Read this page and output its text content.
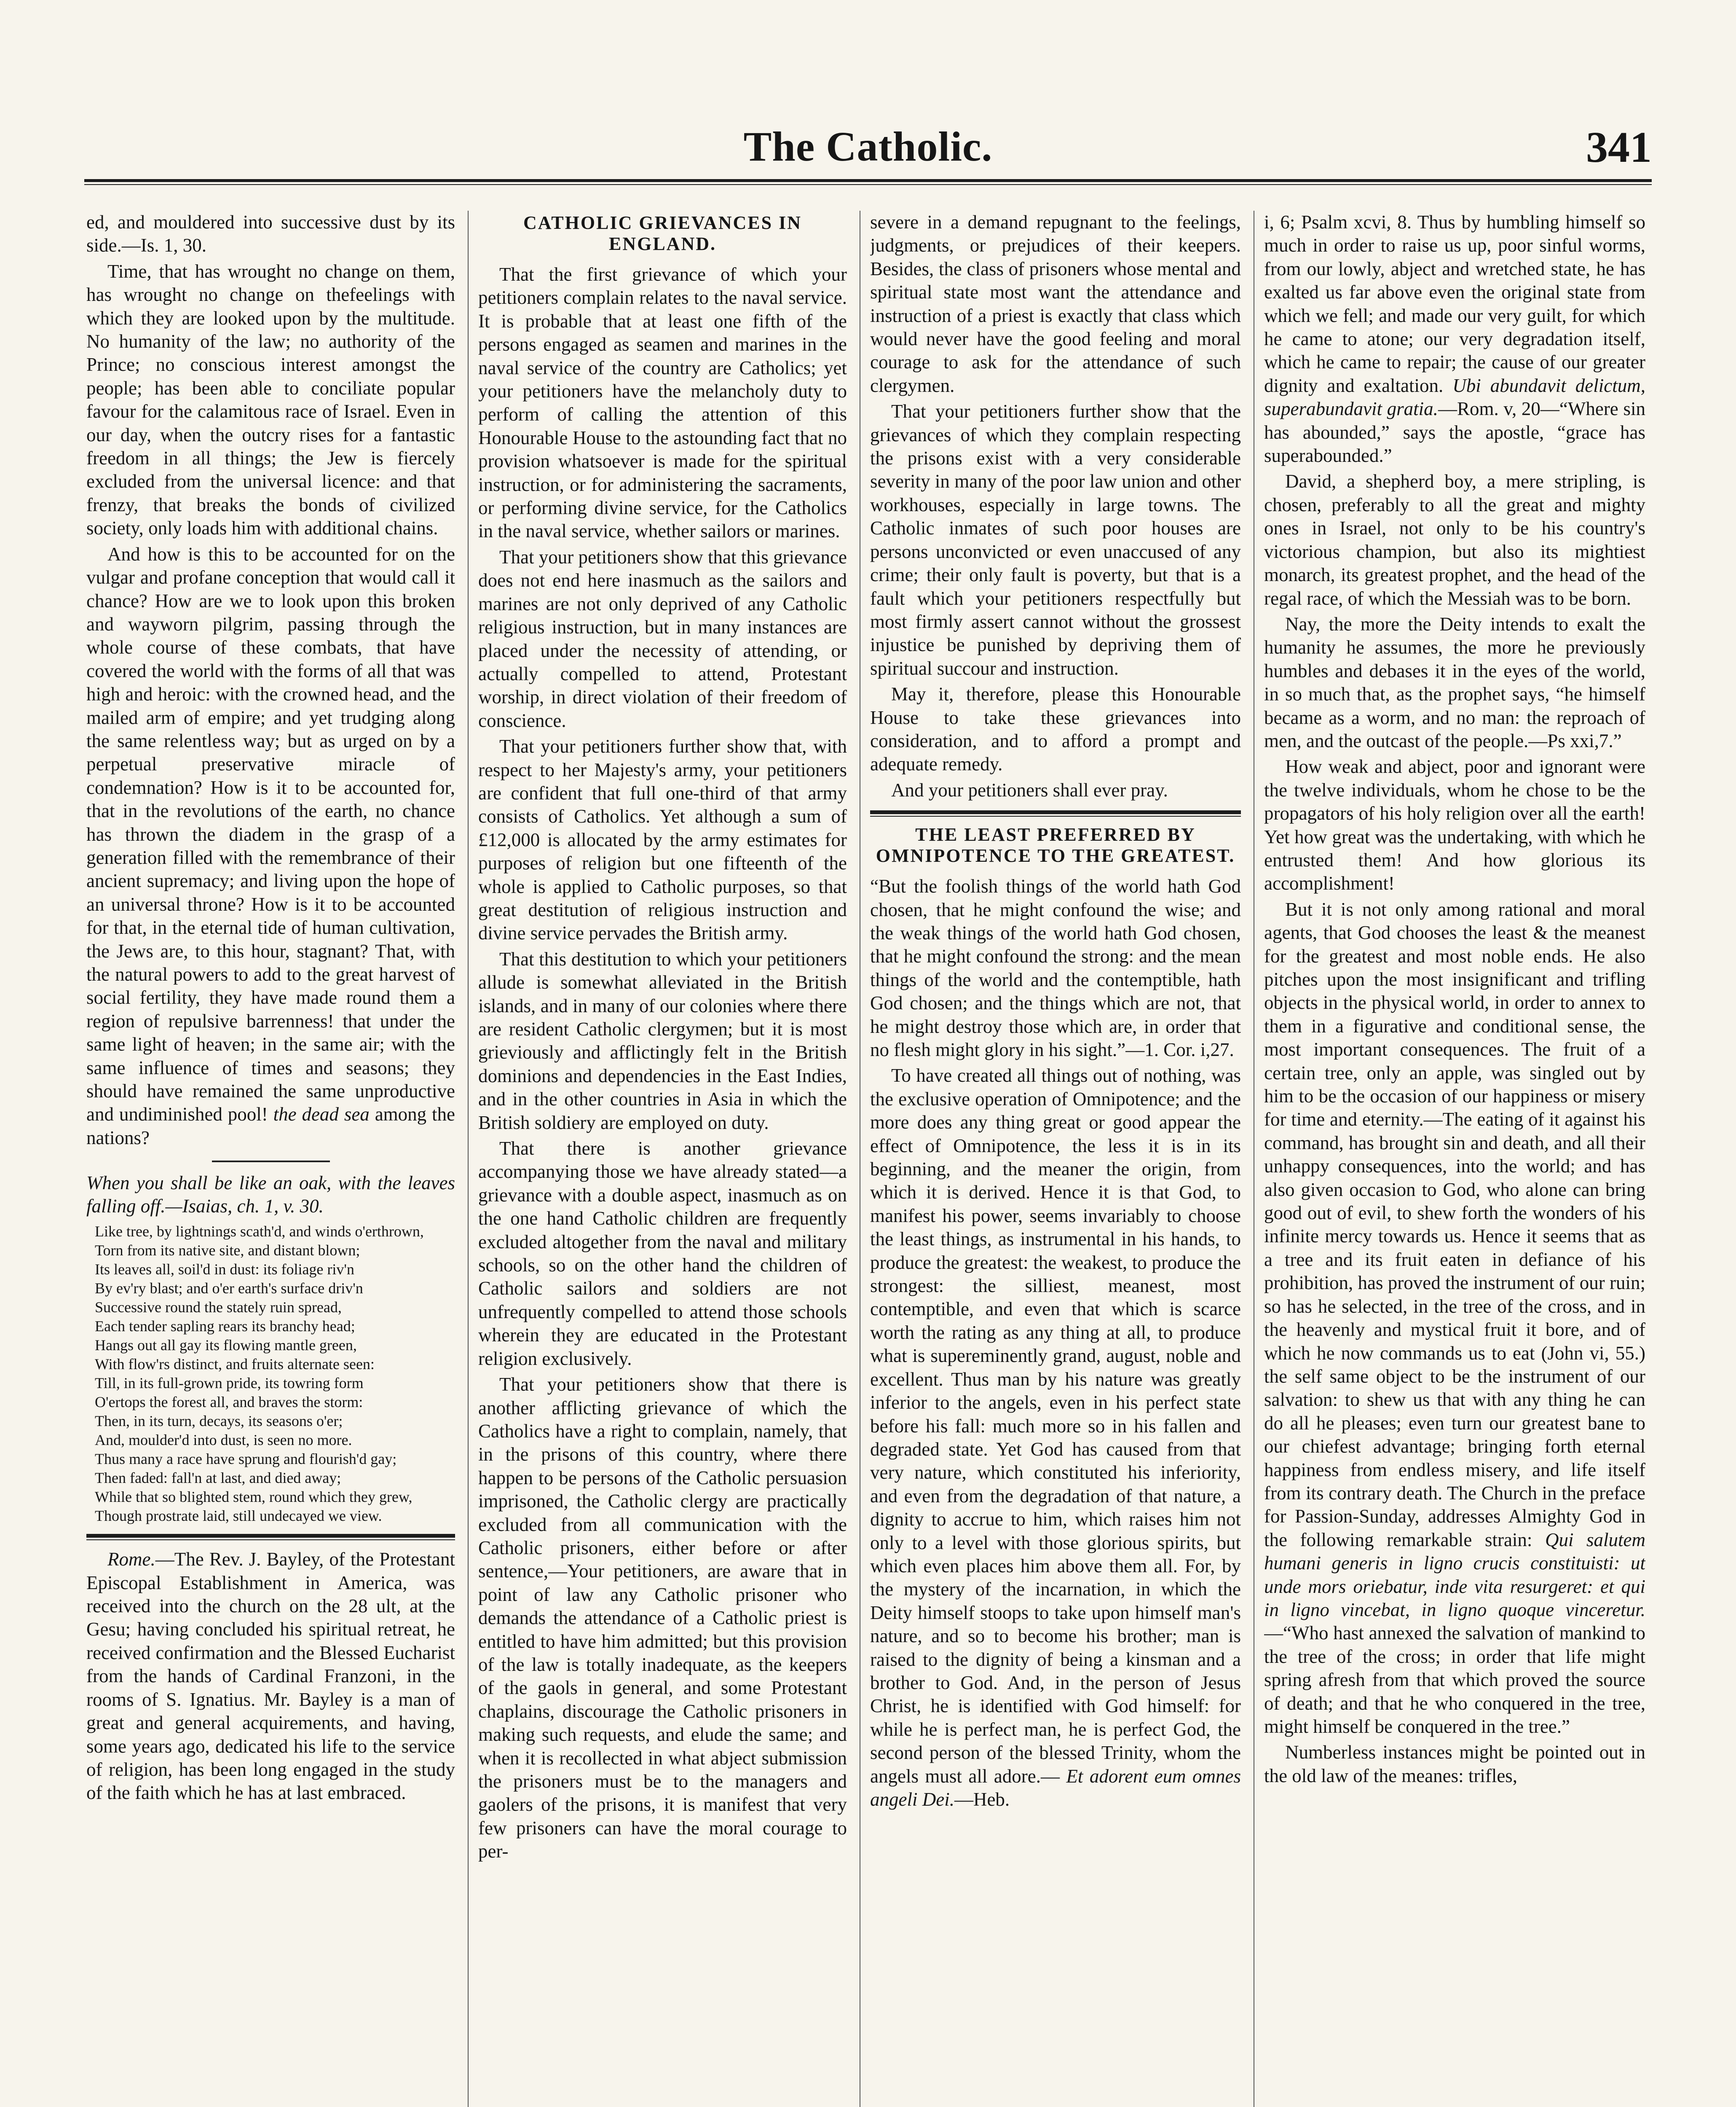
The Catholic.	341

ed, and mouldered into successive dust by its side.—Is. 1, 30.

Time, that has wrought no change on them, has wrought no change on thefeelings with which they are looked upon by the multitude. No humanity of the law; no authority of the Prince; no conscious interest amongst the people; has been able to conciliate popular favour for the calamitous race of Israel. Even in our day, when the outcry rises for a fantastic freedom in all things; the Jew is fiercely excluded from the universal licence: and that frenzy, that breaks the bonds of civilized society, only loads him with additional chains.

And how is this to be accounted for on the vulgar and profane conception that would call it chance? How are we to look upon this broken and wayworn pilgrim, passing through the whole course of these combats, that have covered the world with the forms of all that was high and heroic: with the crowned head, and the mailed arm of empire; and yet trudging along the same relentless way; but as urged on by a perpetual preservative miracle of condemnation? How is it to be accounted for, that in the revolutions of the earth, no chance has thrown the diadem in the grasp of a generation filled with the remembrance of their ancient supremacy; and living upon the hope of an universal throne? How is it to be accounted for that, in the eternal tide of human cultivation, the Jews are, to this hour, stagnant? That, with the natural powers to add to the great harvest of social fertility, they have made round them a region of repulsive barrenness! that under the same light of heaven; in the same air; with the same influence of times and seasons; they should have remained the same unproductive and undiminished pool! the dead sea among the nations?

When you shall be like an oak, with the leaves falling off.—Isaias, ch. 1, v. 30.

Like tree, by lightnings scath'd, and winds o'erthrown,
Torn from its native site, and distant blown;
Its leaves all, soil'd in dust: its foliage riv'n
By ev'ry blast; and o'er earth's surface driv'n
Successive round the stately ruin spread,
Each tender sapling rears its branchy head;
Hangs out all gay its flowing mantle green,
With flow'rs distinct, and fruits alternate seen:
Till, in its full-grown pride, its towring form
O'ertops the forest all, and braves the storm:
Then, in its turn, decays, its seasons o'er;
And, moulder'd into dust, is seen no more.
Thus many a race have sprung and flourish'd gay;
Then faded: fall'n at last, and died away;
While that so blighted stem, round which they grew,
Though prostrate laid, still undecayed we view.

Rome.—The Rev. J. Bayley, of the Protestant Episcopal Establishment in America, was received into the church on the 28 ult, at the Gesu; having concluded his spiritual retreat, he received confirmation and the Blessed Eucharist from the hands of Cardinal Franzoni, in the rooms of S. Ignatius. Mr. Bayley is a man of great and general acquirements, and having, some years ago, dedicated his life to the service of religion, has been long engaged in the study of the faith which he has at last embraced.

CATHOLIC GRIEVANCES IN ENGLAND.

That the first grievance of which your petitioners complain relates to the naval service. It is probable that at least one fifth of the persons engaged as seamen and marines in the naval service of the country are Catholics; yet your petitioners have the melancholy duty to perform of calling the attention of this Honourable House to the astounding fact that no provision whatsoever is made for the spiritual instruction, or for administering the sacraments, or performing divine service, for the Catholics in the naval service, whether sailors or marines.

That your petitioners show that this grievance does not end here inasmuch as the sailors and marines are not only deprived of any Catholic religious instruction, but in many instances are placed under the necessity of attending, or actually compelled to attend, Protestant worship, in direct violation of their freedom of conscience.

That your petitioners further show that, with respect to her Majesty's army, your petitioners are confident that full one-third of that army consists of Catholics. Yet although a sum of £12,000 is allocated by the army estimates for purposes of religion but one fifteenth of the whole is applied to Catholic purposes, so that great destitution of religious instruction and divine service pervades the British army.

That this destitution to which your petitioners allude is somewhat alleviated in the British islands, and in many of our colonies where there are resident Catholic clergymen; but it is most grieviously and afflictingly felt in the British dominions and dependencies in the East Indies, and in the other countries in Asia in which the British soldiery are employed on duty.

That there is another grievance accompanying those we have already stated—a grievance with a double aspect, inasmuch as on the one hand Catholic children are frequently excluded altogether from the naval and military schools, so on the other hand the children of Catholic sailors and soldiers are not unfrequently compelled to attend those schools wherein they are educated in the Protestant religion exclusively.

That your petitioners show that there is another afflicting grievance of which the Catholics have a right to complain, namely, that in the prisons of this country, where there happen to be persons of the Catholic persuasion imprisoned, the Catholic clergy are practically excluded from all communication with the Catholic prisoners, either before or after sentence,—Your petitioners, are aware that in point of law any Catholic prisoner who demands the attendance of a Catholic priest is entitled to have him admitted; but this provision of the law is totally inadequate, as the keepers of the gaols in general, and some Protestant chaplains, discourage the Catholic prisoners in making such requests, and elude the same; and when it is recollected in what abject submission the prisoners must be to the managers and gaolers of the prisons, it is manifest that very few prisoners can have the moral courage to per-

severe in a demand repugnant to the feelings, judgments, or prejudices of their keepers. Besides, the class of prisoners whose mental and spiritual state most want the attendance and instruction of a priest is exactly that class which would never have the good feeling and moral courage to ask for the attendance of such clergymen.

That your petitioners further show that the grievances of which they complain respecting the prisons exist with a very considerable severity in many of the poor law union and other workhouses, especially in large towns. The Catholic inmates of such poor houses are persons unconvicted or even unaccused of any crime; their only fault is poverty, but that is a fault which your petitioners respectfully but most firmly assert cannot without the grossest injustice be punished by depriving them of spiritual succour and instruction.

May it, therefore, please this Honourable House to take these grievances into consideration, and to afford a prompt and adequate remedy.

And your petitioners shall ever pray.

THE LEAST PREFERRED BY OMNIPOTENCE TO THE GREATEST.

“But the foolish things of the world hath God chosen, that he might confound the wise; and the weak things of the world hath God chosen, that he might confound the strong: and the mean things of the world and the contemptible, hath God chosen; and the things which are not, that he might destroy those which are, in order that no flesh might glory in his sight.”—1. Cor. i,27.

To have created all things out of nothing, was the exclusive operation of Omnipotence; and the more does any thing great or good appear the effect of Omnipotence, the less it is in its beginning, and the meaner the origin, from which it is derived. Hence it is that God, to manifest his power, seems invariably to choose the least things, as instrumental in his hands, to produce the greatest: the weakest, to produce the strongest: the silliest, meanest, most contemptible, and even that which is scarce worth the rating as any thing at all, to produce what is supereminently grand, august, noble and excellent. Thus man by his nature was greatly inferior to the angels, even in his perfect state before his fall: much more so in his fallen and degraded state. Yet God has caused from that very nature, which constituted his inferiority, and even from the degradation of that nature, a dignity to accrue to him, which raises him not only to a level with those glorious spirits, but which even places him above them all. For, by the mystery of the incarnation, in which the Deity himself stoops to take upon himself man's nature, and so to become his brother; man is raised to the dignity of being a kinsman and a brother to God. And, in the person of Jesus Christ, he is identified with God himself: for while he is perfect man, he is perfect God, the second person of the blessed Trinity, whom the angels must all adore.— Et adorent eum omnes angeli Dei.—Heb.

i, 6; Psalm xcvi, 8. Thus by humbling himself so much in order to raise us up, poor sinful worms, from our lowly, abject and wretched state, he has exalted us far above even the original state from which we fell; and made our very guilt, for which he came to atone; our very degradation itself, which he came to repair; the cause of our greater dignity and exaltation. Ubi abundavit delictum, superabundavit gratia.—Rom. v, 20—“Where sin has abounded,” says the apostle, “grace has superabounded.”

David, a shepherd boy, a mere stripling, is chosen, preferably to all the great and mighty ones in Israel, not only to be his country's victorious champion, but also its mightiest monarch, its greatest prophet, and the head of the regal race, of which the Messiah was to be born.

Nay, the more the Deity intends to exalt the humanity he assumes, the more he previously humbles and debases it in the eyes of the world, in so much that, as the prophet says, “he himself became as a worm, and no man: the reproach of men, and the outcast of the people.—Ps xxi,7.”

How weak and abject, poor and ignorant were the twelve individuals, whom he chose to be the propagators of his holy religion over all the earth! Yet how great was the undertaking, with which he entrusted them! And how glorious its accomplishment!

But it is not only among rational and moral agents, that God chooses the least & the meanest for the greatest and most noble ends. He also pitches upon the most insignificant and trifling objects in the physical world, in order to annex to them in a figurative and conditional sense, the most important consequences. The fruit of a certain tree, only an apple, was singled out by him to be the occasion of our happiness or misery for time and eternity.—The eating of it against his command, has brought sin and death, and all their unhappy consequences, into the world; and has also given occasion to God, who alone can bring good out of evil, to shew forth the wonders of his infinite mercy towards us. Hence it seems that as a tree and its fruit eaten in defiance of his prohibition, has proved the instrument of our ruin; so has he selected, in the tree of the cross, and in the heavenly and mystical fruit it bore, and of which he now commands us to eat (John vi, 55.) the self same object to be the instrument of our salvation: to shew us that with any thing he can do all he pleases; even turn our greatest bane to our chiefest advantage; bringing forth eternal happiness from endless misery, and life itself from its contrary death. The Church in the preface for Passion-Sunday, addresses Almighty God in the following remarkable strain: Qui salutem humani generis in ligno crucis constituisti: ut unde mors oriebatur, inde vita resurgeret: et qui in ligno vincebat, in ligno quoque vinceretur.—“Who hast annexed the salvation of mankind to the tree of the cross; in order that life might spring afresh from that which proved the source of death; and that he who conquered in the tree, might himself be conquered in the tree.”

Numberless instances might be pointed out in the old law of the meanes: trifles,
